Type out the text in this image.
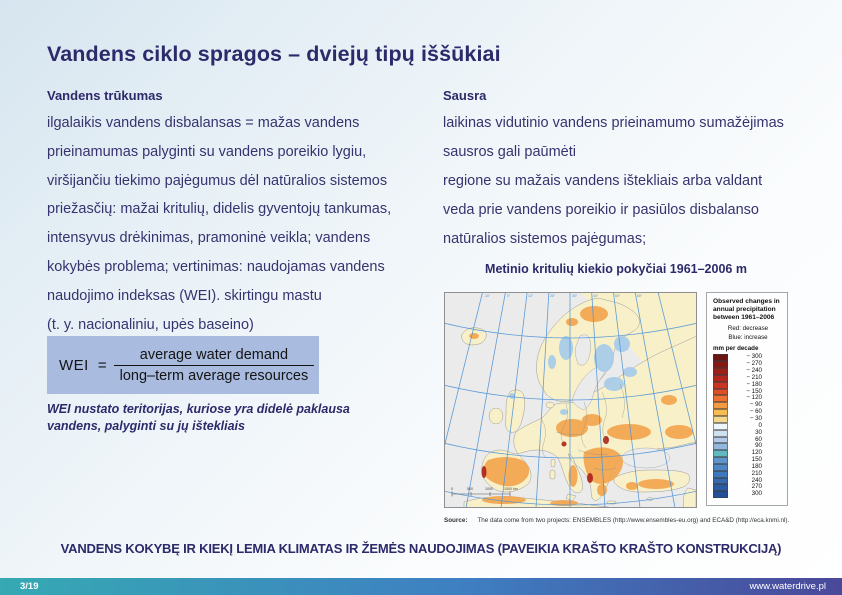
Vandens ciklo spragos – dviejų tipų iššūkiai
Vandens trūkumas
ilgalaikis vandens disbalansas = mažas vandens
prieinamumas palyginti su vandens poreikio lygiu,
viršijančiu tiekimo pajėgumus dėl natūralios sistemos
priežasčių: mažai kritulių, didelis gyventojų tankumas,
intensyvus drėkinimas, pramoninė veikla; vandens
kokybės problema; vertinimas: naudojamas vandens
naudojimo indeksas (WEI). skirtingu mastu
(t. y. nacionaliniu, upės baseino)
Sausra
laikinas vidutinio vandens prieinamumo sumažėjimas
sausros gali paūmėti
regione su mažais vandens ištekliais arba valdant
veda prie vandens poreikio ir pasiūlos disbalanso
natūralios sistemos pajėgumas;
WEI = $\frac{\text{average water demand}}{\text{long–term average resources}}$
WEI nustato teritorijas, kuriose yra didelė paklausa
vandens, palyginti su jų ištekliais
Metinio kritulių kiekio pokyčiai 1961–2006 m
-10°	0°	10°	20°	30°	40°	50°	60°
0	500	1000	1500 km
Observed changes in
annual precipitation
between 1961–2006
Red: decrease
Blue: increase
mm per decade
− 300
− 270
− 240
− 210
− 180
− 150
− 120
− 90
− 60
− 30
0
30
60
90
120
150
180
210
240
270
300
Source: The data come from two projects: ENSEMBLES (http://www.ensembles-eu.org) and ECA&D (http://eca.knmi.nl).
VANDENS KOKYBĘ IR KIEKĮ LEMIA KLIMATAS IR ŽEMĖS NAUDOJIMAS (PAVEIKIA KRAŠTO KRAŠTO KONSTRUKCIJĄ)
3/19	www.waterdrive.pl
